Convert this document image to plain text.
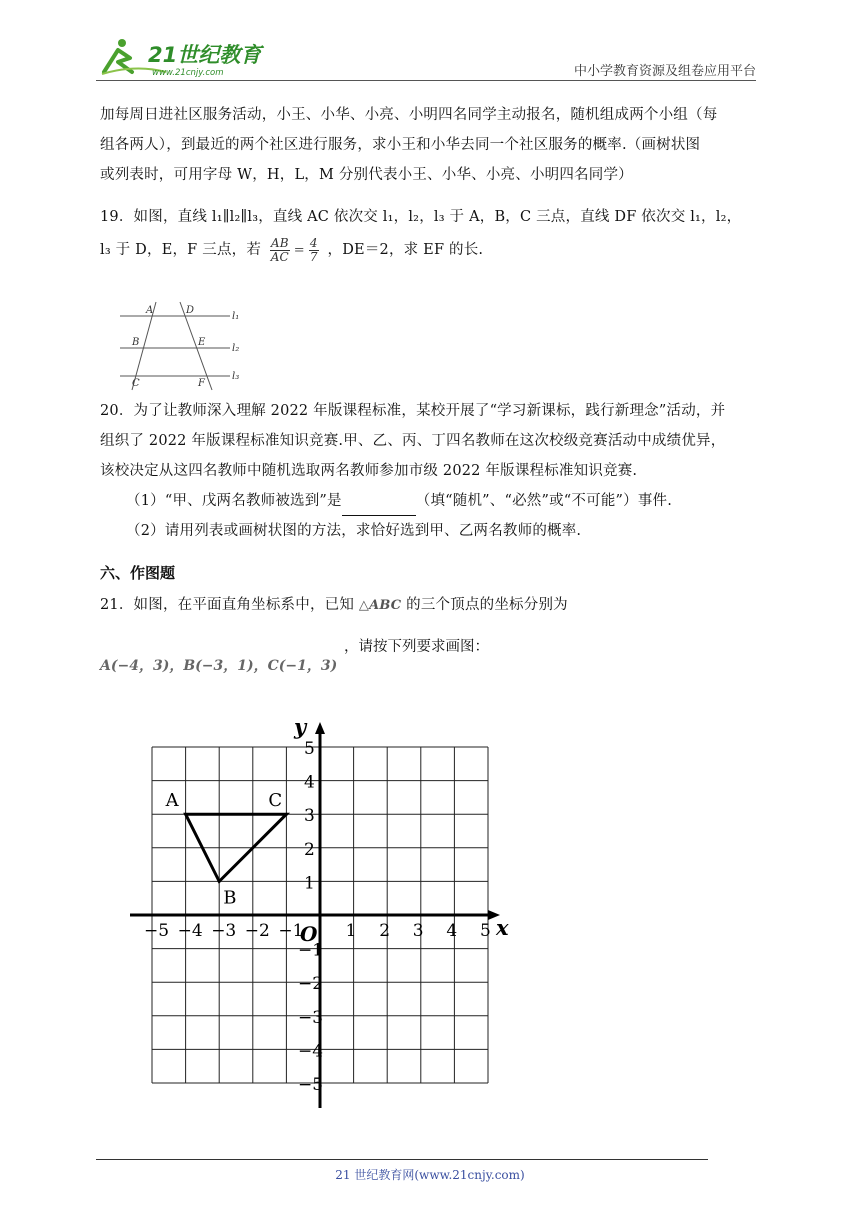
21世纪教育
www.21cnjy.com	中小学教育资源及组卷应用平台
加每周日进社区服务活动，小王、小华、小亮、小明四名同学主动报名，随机组成两个小组（每
组各两人），到最近的两个社区进行服务，求小王和小华去同一个社区服务的概率.（画树状图
或列表时，可用字母 W，H，L，M 分别代表小王、小华、小亮、小明四名同学）
19．如图，直线 l₁∥l₂∥l₃，直线 AC 依次交 l₁，l₂，l₃ 于 A，B，C 三点，直线 DF 依次交 l₁，l₂，
l₃ 于 D，E，F 三点，若 $\frac{AB}{AC} = \frac{4}{7}$ ，DE＝2，求 EF 的长.
A	D
B	E
C	F
l₁
l₂
l₃
20．为了让教师深入理解 2022 年版课程标准，某校开展了“学习新课标，践行新理念”活动，并
组织了 2022 年版课程标准知识竞赛.甲、乙、丙、丁四名教师在这次校级竞赛活动中成绩优异，
该校决定从这四名教师中随机选取两名教师参加市级 2022 年版课程标准知识竞赛.
（1）“甲、戊两名教师被选到”是	（填“随机”、“必然”或“不可能”）事件.
（2）请用列表或画树状图的方法，求恰好选到甲、乙两名教师的概率.
六、作图题
21．如图，在平面直角坐标系中，已知 △ABC 的三个顶点的坐标分别为
，请按下列要求画图：
A(−4，3)，B(−3，1)，C(−1，3)
−5 −4 −3 −2 −1 1 2 3 4 5
5
4
3
2
1
−1
−2
−3
−4
−5
O	x
y
A
B
C
21 世纪教育网(www.21cnjy.com)
